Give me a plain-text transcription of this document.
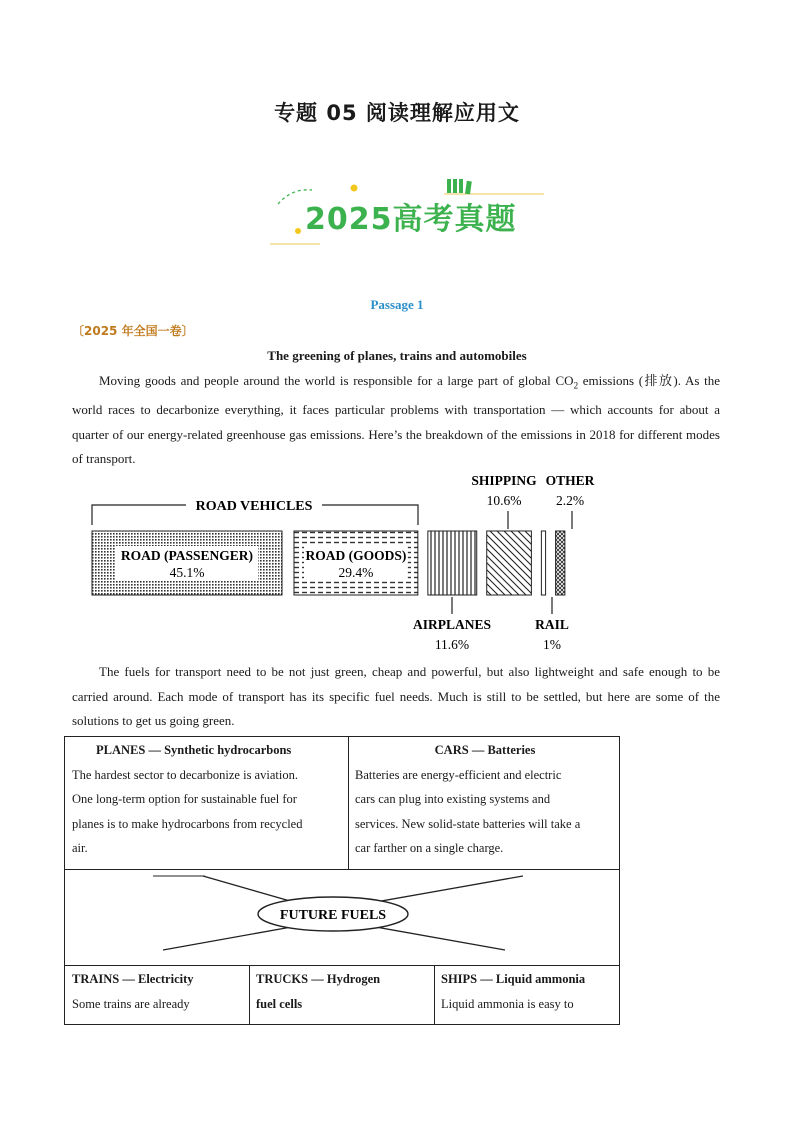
专题 05 阅读理解应用文
2025高考真题
Passage 1
〔2025 年全国一卷〕
The greening of planes, trains and automobiles

Moving goods and people around the world is responsible for a large part of global $CO_2$ emissions (排放). As the world races to decarbonize everything, it faces particular problems with transportation — which accounts for about a quarter of our energy-related greenhouse gas emissions. Here’s the breakdown of the emissions in 2018 for different modes of transport.

ROAD VEHICLES
ROAD (PASSENGER)
45.1%
ROAD (GOODS)
29.4%
AIRPLANES
11.6%
RAIL
1%
SHIPPING
10.6%
OTHER
2.2%

The fuels for transport need to be not just green, cheap and powerful, but also lightweight and safe enough to be carried around. Each mode of transport has its specific fuel needs. Much is still to be settled, but here are some of the solutions to get us going green.

PLANES — Synthetic hydrocarbons
The hardest sector to decarbonize is aviation.
One long-term option for sustainable fuel for
planes is to make hydrocarbons from recycled
air.
CARS — Batteries
Batteries are energy-efficient and electric
cars can plug into existing systems and
services. New solid-state batteries will take a
car farther on a single charge.
FUTURE FUELS
TRAINS — Electricity
Some trains are already
TRUCKS — Hydrogen
fuel cells
SHIPS — Liquid ammonia
Liquid ammonia is easy to
